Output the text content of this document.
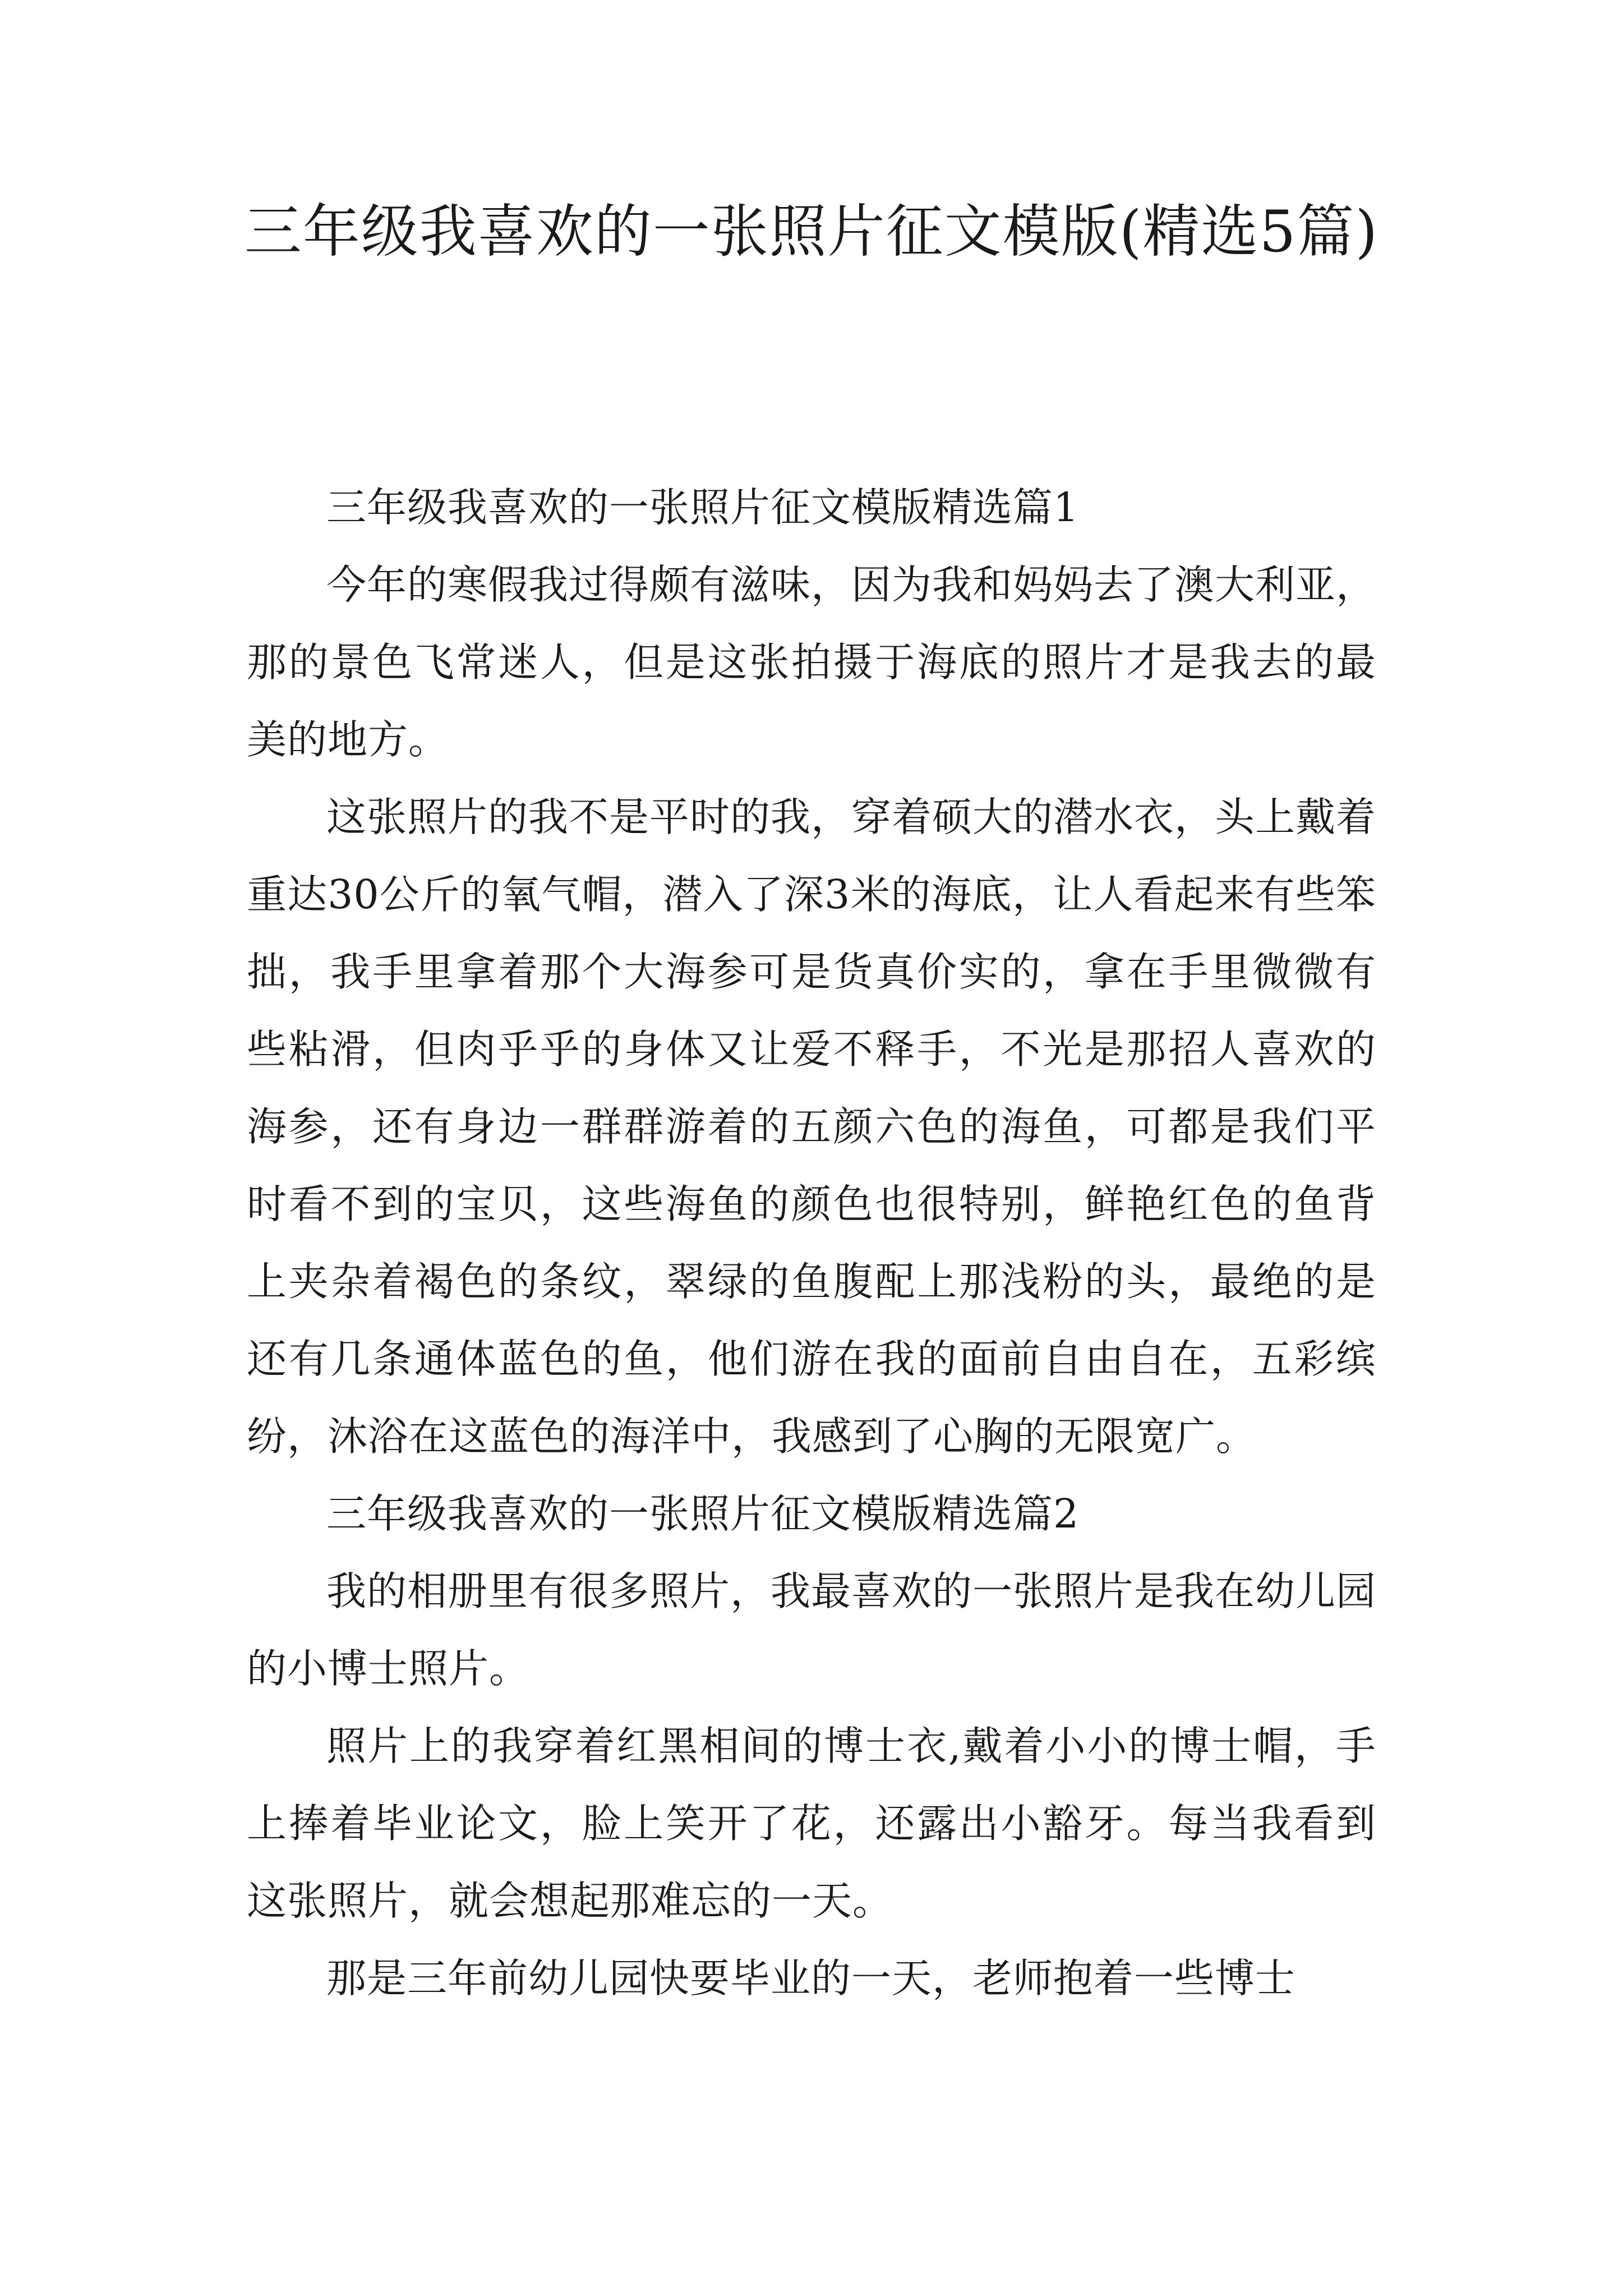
三年级我喜欢的一张照片征文模版(精选5篇)

三年级我喜欢的一张照片征文模版精选篇1

今年的寒假我过得颇有滋味，因为我和妈妈去了澳大利亚，那的景色飞常迷人，但是这张拍摄于海底的照片才是我去的最美的地方。

这张照片的我不是平时的我，穿着硕大的潜水衣，头上戴着重达30公斤的氧气帽，潜入了深3米的海底，让人看起来有些笨拙，我手里拿着那个大海参可是货真价实的，拿在手里微微有些粘滑，但肉乎乎的身体又让爱不释手，不光是那招人喜欢的海参，还有身边一群群游着的五颜六色的海鱼，可都是我们平时看不到的宝贝，这些海鱼的颜色也很特别，鲜艳红色的鱼背上夹杂着褐色的条纹，翠绿的鱼腹配上那浅粉的头，最绝的是还有几条通体蓝色的鱼，他们游在我的面前自由自在，五彩缤纷，沐浴在这蓝色的海洋中，我感到了心胸的无限宽广。

三年级我喜欢的一张照片征文模版精选篇2

我的相册里有很多照片，我最喜欢的一张照片是我在幼儿园的小博士照片。

照片上的我穿着红黑相间的博士衣,戴着小小的博士帽，手上捧着毕业论文，脸上笑开了花，还露出小豁牙。每当我看到这张照片，就会想起那难忘的一天。

那是三年前幼儿园快要毕业的一天，老师抱着一些博士
